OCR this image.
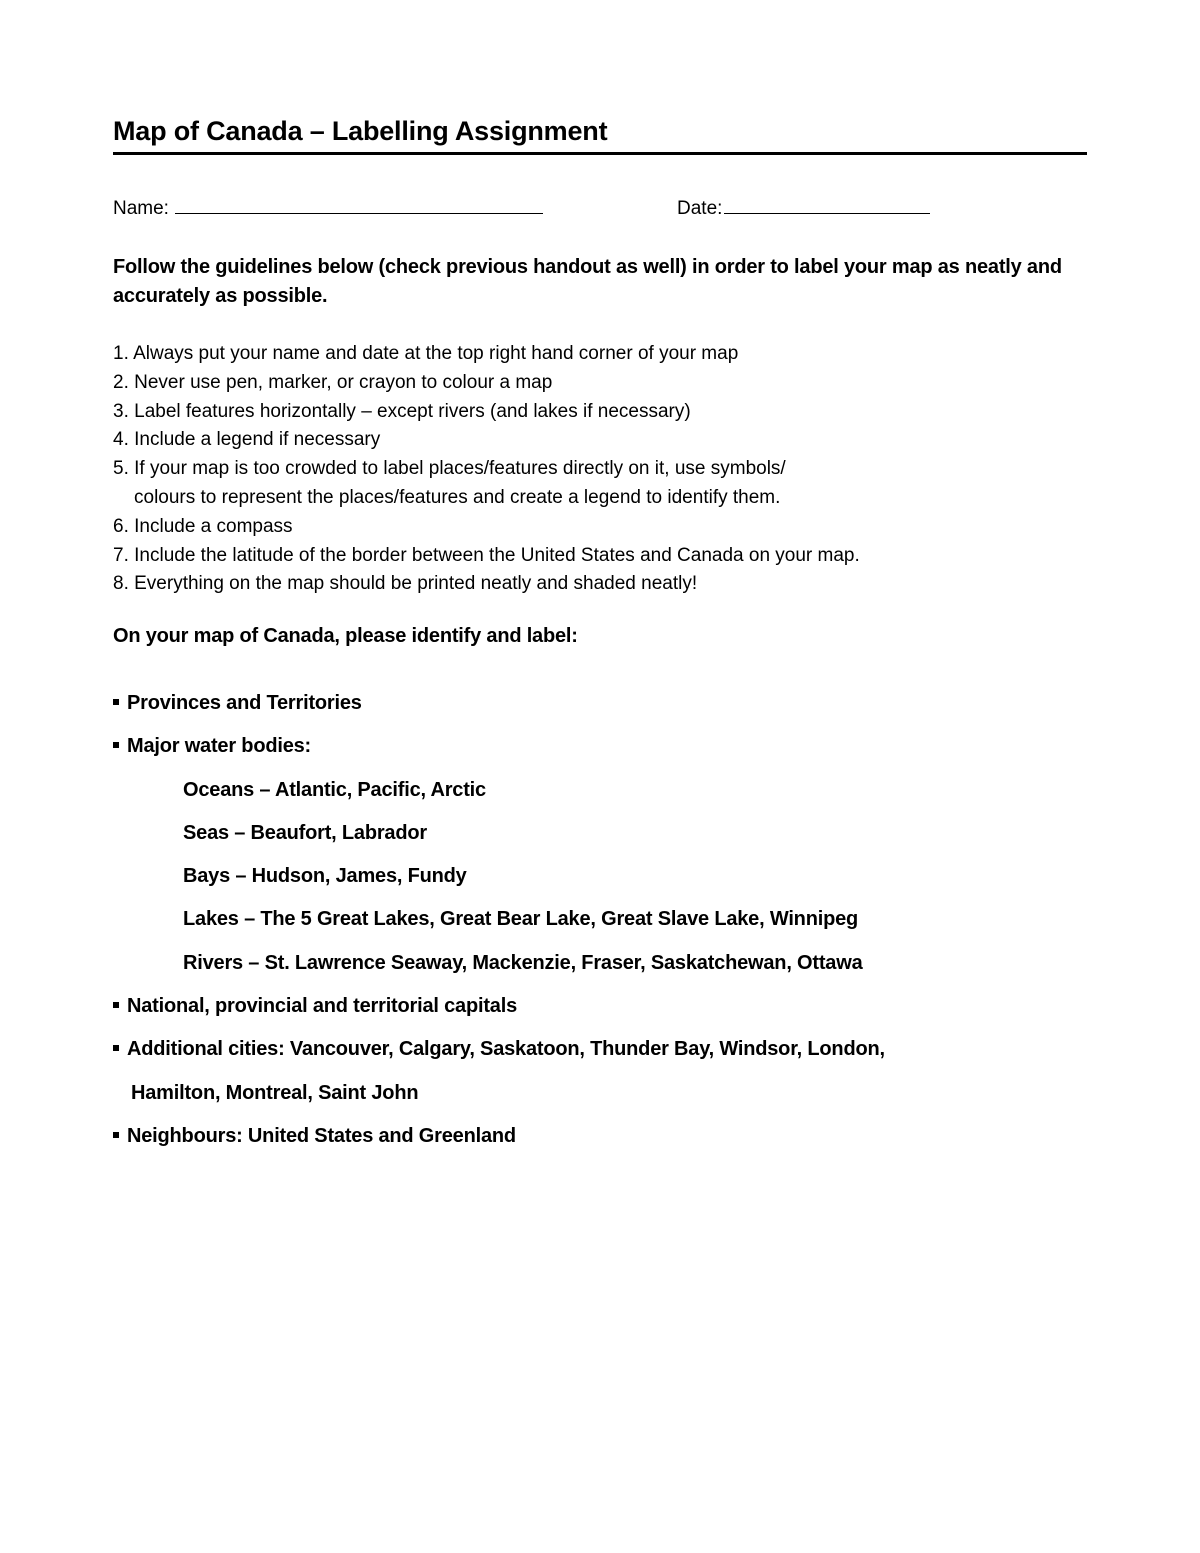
Map of Canada – Labelling Assignment
Name:	Date:
Follow the guidelines below (check previous handout as well) in order to label your map as neatly and accurately as possible.
1. Always put your name and date at the top right hand corner of your map
2. Never use pen, marker, or crayon to colour a map
3. Label features horizontally – except rivers (and lakes if necessary)
4. Include a legend if necessary
5. If your map is too crowded to label places/features directly on it, use symbols/
colours to represent the places/features and create a legend to identify them.
6. Include a compass
7. Include the latitude of the border between the United States and Canada on your map.
8. Everything on the map should be printed neatly and shaded neatly!
On your map of Canada, please identify and label:
Provinces and Territories
Major water bodies:
Oceans – Atlantic, Pacific, Arctic
Seas – Beaufort, Labrador
Bays – Hudson, James, Fundy
Lakes – The 5 Great Lakes, Great Bear Lake, Great Slave Lake, Winnipeg
Rivers – St. Lawrence Seaway, Mackenzie, Fraser, Saskatchewan, Ottawa
National, provincial and territorial capitals
Additional cities: Vancouver, Calgary, Saskatoon, Thunder Bay, Windsor, London,
Hamilton, Montreal, Saint John
Neighbours: United States and Greenland
